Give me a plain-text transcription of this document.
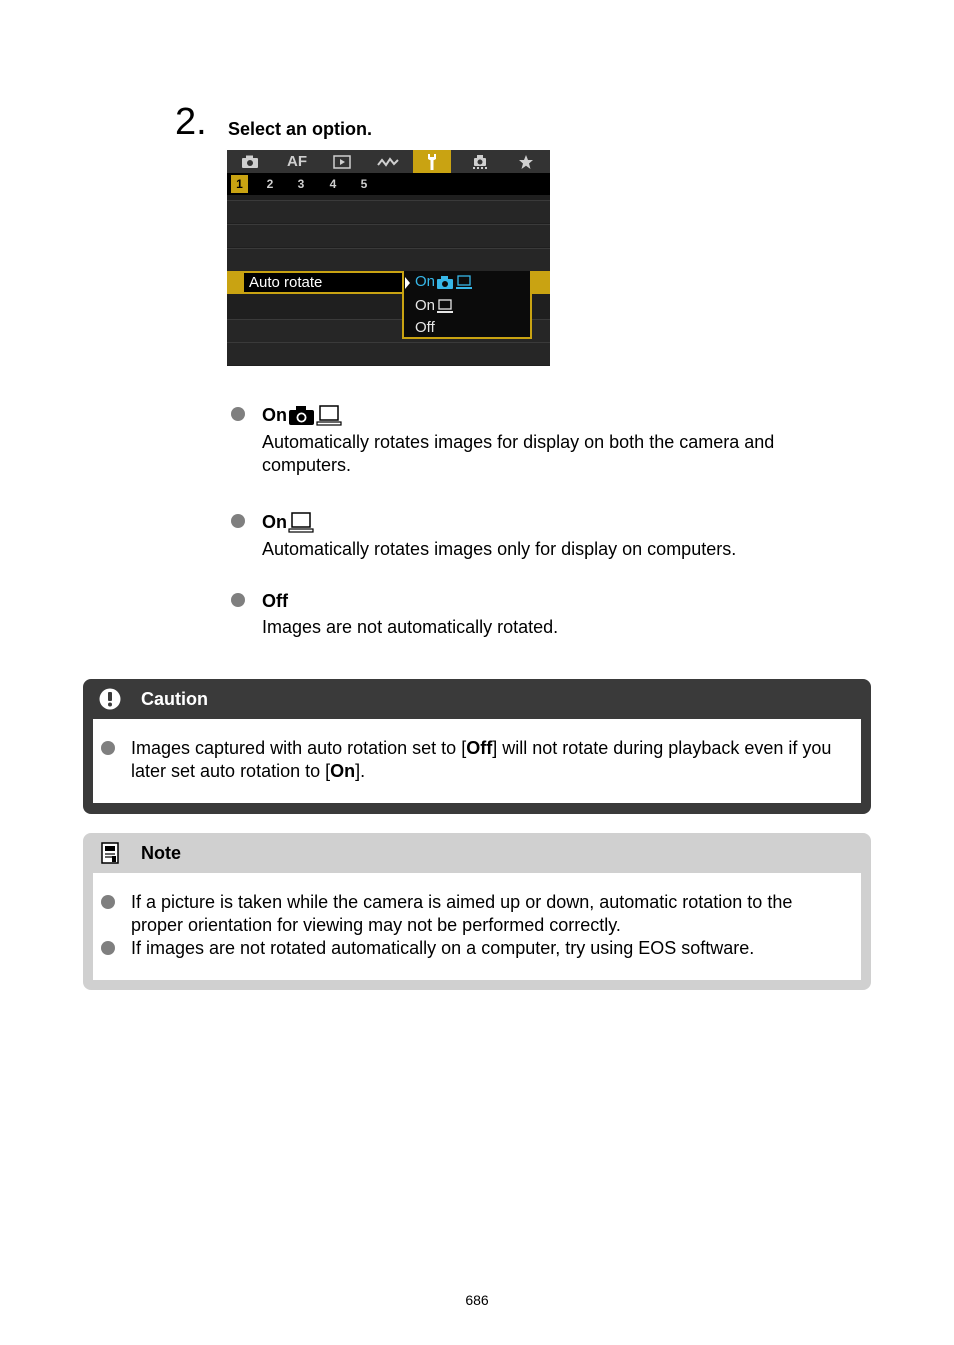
2. Select an option.
AF
1	2	3	4	5
Auto rotate	On
On
Off
On
Automatically rotates images for display on both the camera and computers.
On
Automatically rotates images only for display on computers.
Off
Images are not automatically rotated.
Caution
Images captured with auto rotation set to [Off] will not rotate during playback even if you later set auto rotation to [On].
Note
If a picture is taken while the camera is aimed up or down, automatic rotation to the proper orientation for viewing may not be performed correctly.
If images are not rotated automatically on a computer, try using EOS software.
686
